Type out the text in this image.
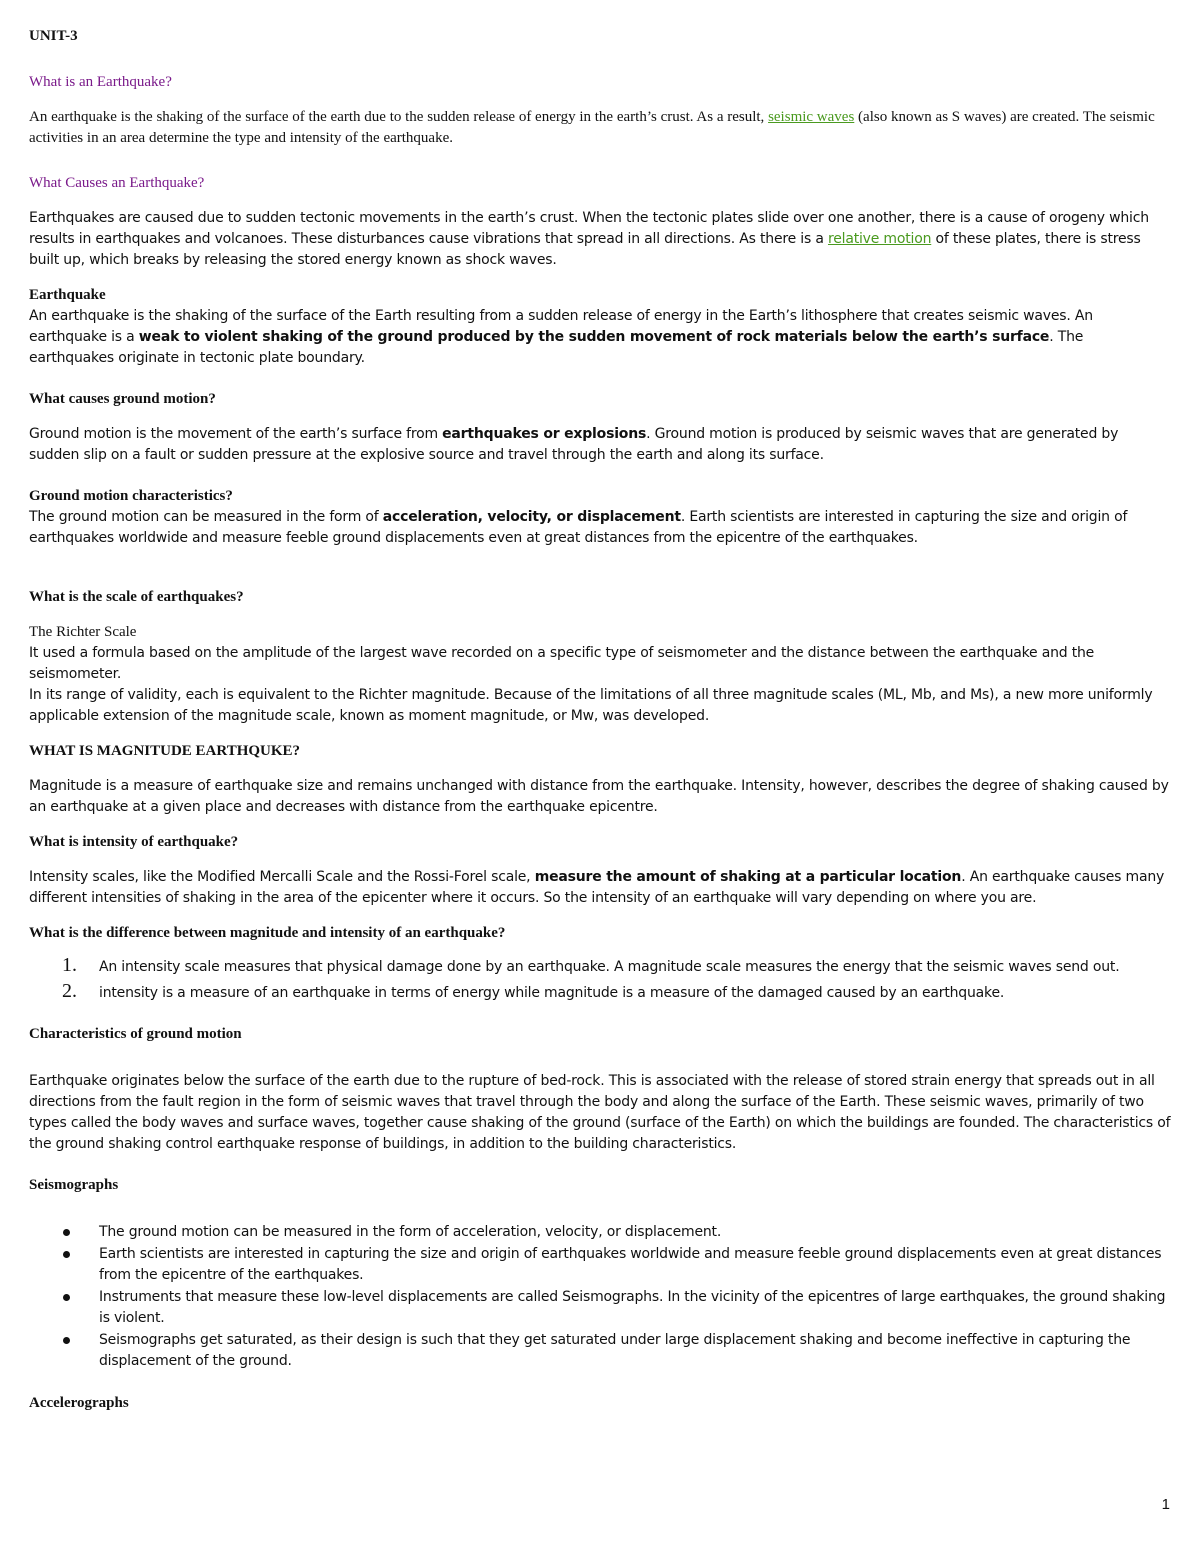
UNIT-3
What is an Earthquake?

An earthquake is the shaking of the surface of the earth due to the sudden release of energy in the earth’s crust. As a result, seismic waves (also known as S waves) are created. The seismic activities in an area determine the type and intensity of the earthquake.

What Causes an Earthquake?

Earthquakes are caused due to sudden tectonic movements in the earth’s crust. When the tectonic plates slide over one another, there is a cause of orogeny which results in earthquakes and volcanoes. These disturbances cause vibrations that spread in all directions. As there is a relative motion of these plates, there is stress built up, which breaks by releasing the stored energy known as shock waves.

Earthquake

An earthquake is the shaking of the surface of the Earth resulting from a sudden release of energy in the Earth’s lithosphere that creates seismic waves. An earthquake is a weak to violent shaking of the ground produced by the sudden movement of rock materials below the earth’s surface. The earthquakes originate in tectonic plate boundary.

What causes ground motion?

Ground motion is the movement of the earth’s surface from earthquakes or explosions. Ground motion is produced by seismic waves that are generated by sudden slip on a fault or sudden pressure at the explosive source and travel through the earth and along its surface.

Ground motion characteristics?

The ground motion can be measured in the form of acceleration, velocity, or displacement. Earth scientists are interested in capturing the size and origin of earthquakes worldwide and measure feeble ground displacements even at great distances from the epicentre of the earthquakes.

What is the scale of earthquakes?

The Richter Scale

It used a formula based on the amplitude of the largest wave recorded on a specific type of seismometer and the distance between the earthquake and the seismometer.

In its range of validity, each is equivalent to the Richter magnitude. Because of the limitations of all three magnitude scales (ML, Mb, and Ms), a new more uniformly applicable extension of the magnitude scale, known as moment magnitude, or Mw, was developed.

WHAT IS MAGNITUDE EARTHQUKE?

Magnitude is a measure of earthquake size and remains unchanged with distance from the earthquake. Intensity, however, describes the degree of shaking caused by an earthquake at a given place and decreases with distance from the earthquake epicentre.

What is intensity of earthquake?

Intensity scales, like the Modified Mercalli Scale and the Rossi-Forel scale, measure the amount of shaking at a particular location. An earthquake causes many different intensities of shaking in the area of the epicenter where it occurs. So the intensity of an earthquake will vary depending on where you are.

What is the difference between magnitude and intensity of an earthquake?

1.	An intensity scale measures that physical damage done by an earthquake. A magnitude scale measures the energy that the seismic waves send out.
2.	intensity is a measure of an earthquake in terms of energy while magnitude is a measure of the damaged caused by an earthquake.

Characteristics of ground motion

Earthquake originates below the surface of the earth due to the rupture of bed-rock. This is associated with the release of stored strain energy that spreads out in all directions from the fault region in the form of seismic waves that travel through the body and along the surface of the Earth. These seismic waves, primarily of two types called the body waves and surface waves, together cause shaking of the ground (surface of the Earth) on which the buildings are founded. The characteristics of the ground shaking control earthquake response of buildings, in addition to the building characteristics.

Seismographs

The ground motion can be measured in the form of acceleration, velocity, or displacement.
Earth scientists are interested in capturing the size and origin of earthquakes worldwide and measure feeble ground displacements even at great distances from the epicentre of the earthquakes.
Instruments that measure these low-level displacements are called Seismographs. In the vicinity of the epicentres of large earthquakes, the ground shaking is violent.
Seismographs get saturated, as their design is such that they get saturated under large displacement shaking and become ineffective in capturing the displacement of the ground.

Accelerographs

1
